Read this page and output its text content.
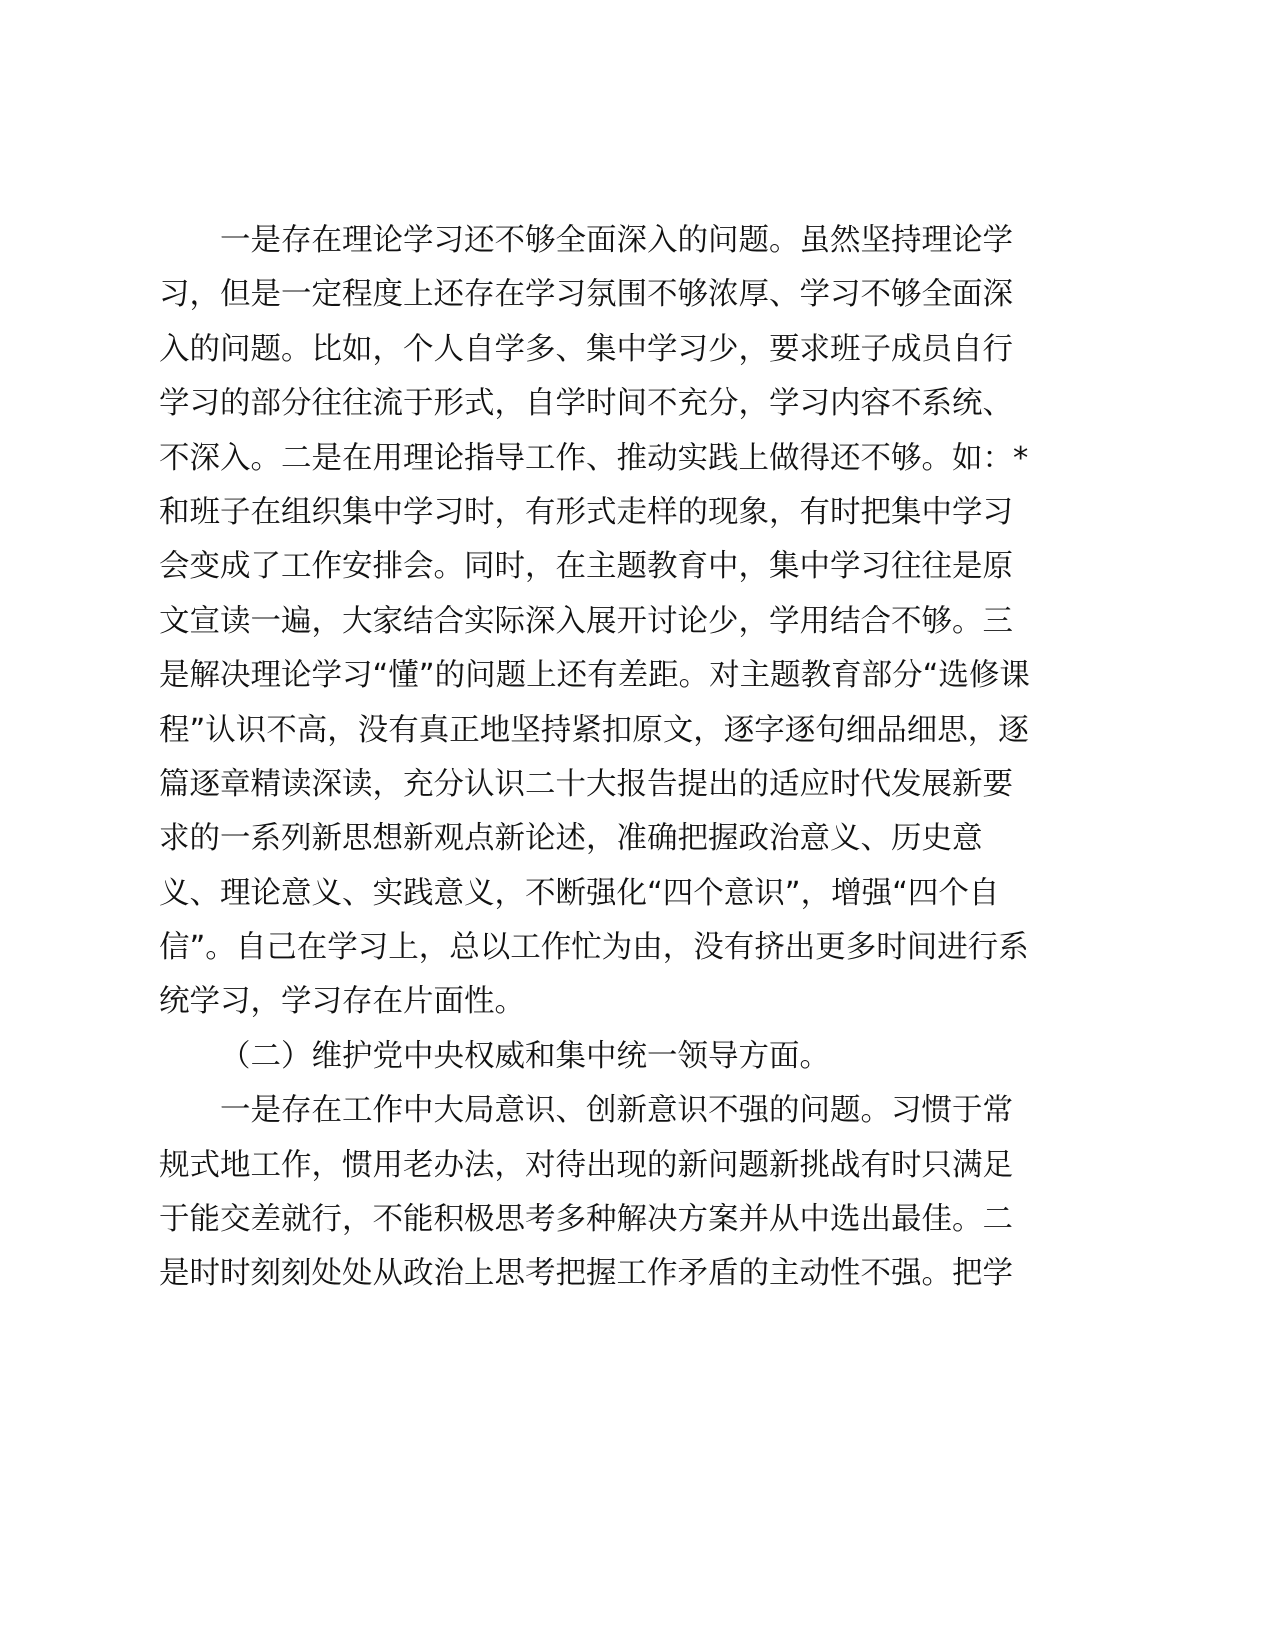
一是存在理论学习还不够全面深入的问题。虽然坚持理论学
习，但是一定程度上还存在学习氛围不够浓厚、学习不够全面深
入的问题。比如，个人自学多、集中学习少，要求班子成员自行
学习的部分往往流于形式，自学时间不充分，学习内容不系统、
不深入。二是在用理论指导工作、推动实践上做得还不够。如：*
和班子在组织集中学习时，有形式走样的现象，有时把集中学习
会变成了工作安排会。同时，在主题教育中，集中学习往往是原
文宣读一遍，大家结合实际深入展开讨论少，学用结合不够。三
是解决理论学习“懂”的问题上还有差距。对主题教育部分“选修课
程”认识不高，没有真正地坚持紧扣原文，逐字逐句细品细思，逐
篇逐章精读深读，充分认识二十大报告提出的适应时代发展新要
求的一系列新思想新观点新论述，准确把握政治意义、历史意
义、理论意义、实践意义，不断强化“四个意识”，增强“四个自
信”。自己在学习上，总以工作忙为由，没有挤出更多时间进行系
统学习，学习存在片面性。
（二）维护党中央权威和集中统一领导方面。
一是存在工作中大局意识、创新意识不强的问题。习惯于常
规式地工作，惯用老办法，对待出现的新问题新挑战有时只满足
于能交差就行，不能积极思考多种解决方案并从中选出最佳。二
是时时刻刻处处从政治上思考把握工作矛盾的主动性不强。把学
